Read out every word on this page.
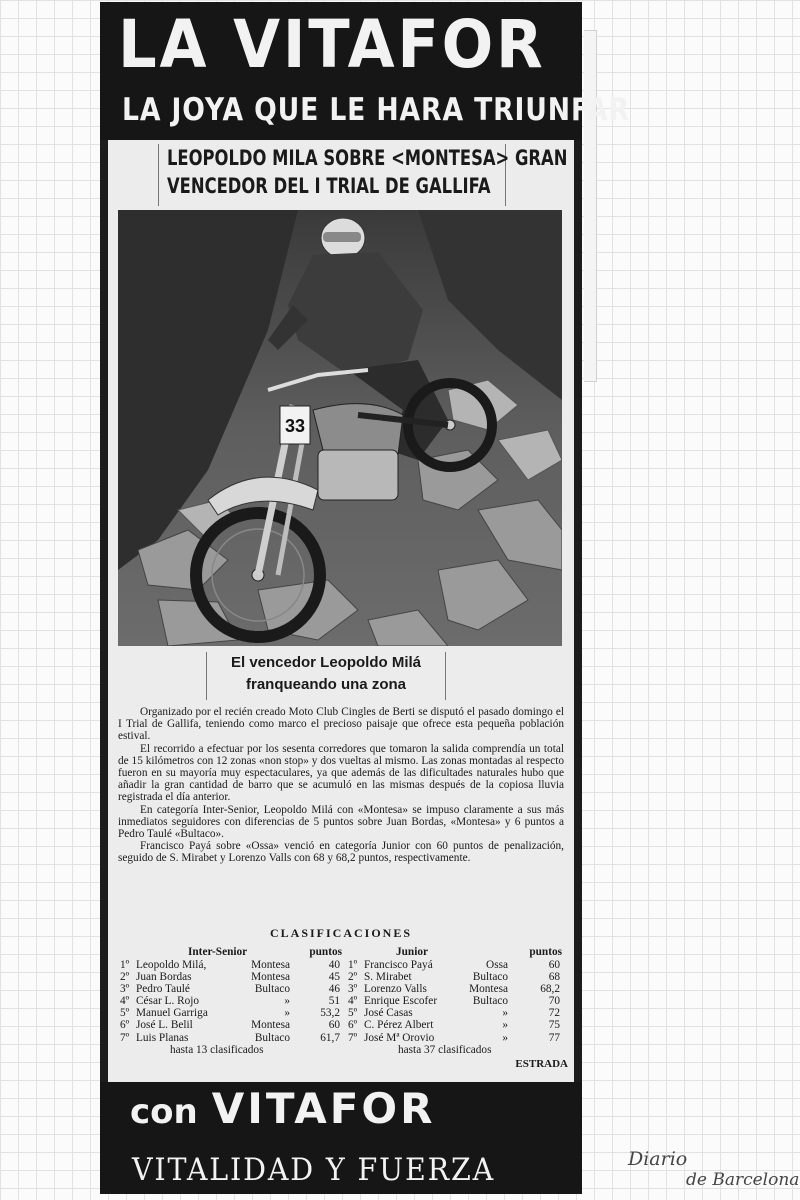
LA VITAFOR
LA JOYA QUE LE HARA TRIUNFAR
LEOPOLDO MILA SOBRE <MONTESA> GRAN
VENCEDOR DEL I TRIAL DE GALLIFA
33
El vencedor Leopoldo Milá
franqueando una zona

Organizado por el recién creado Moto Club Cingles de Berti se disputó el pasado domingo el I Trial de Gallifa, teniendo como marco el precioso paisaje que ofrece esta pequeña población estival.

El recorrido a efectuar por los sesenta corredores que tomaron la salida comprendía un total de 15 kilómetros con 12 zonas «non stop» y dos vueltas al mismo. Las zonas montadas al respecto fueron en su mayoría muy espectaculares, ya que además de las dificultades naturales hubo que añadir la gran cantidad de barro que se acumuló en las mismas después de la copiosa lluvia registrada el día anterior.

En categoría Inter-Senior, Leopoldo Milá con «Montesa» se impuso claramente a sus más inmediatos seguidores con diferencias de 5 puntos sobre Juan Bordas, «Montesa» y 6 puntos a Pedro Taulé «Bultaco».

Francisco Payá sobre «Ossa» venció en categoría Junior con 60 puntos de penalización, seguido de S. Mirabet y Lorenzo Valls con 68 y 68,2 puntos, respectivamente.

CLASIFICACIONES
Inter-Senior	puntos
1º Leopoldo Milá,	Montesa	40
2º Juan Bordas	Montesa	45
3º Pedro Taulé	Bultaco	46
4º César L. Rojo	»	51
5º Manuel Garriga	»	53,2
6º José L. Belil	Montesa	60
7º Luis Planas	Bultaco	61,7
hasta 13 clasificados
Junior	puntos
1º Francisco Payá	Ossa	60
2º S. Mirabet	Bultaco	68
3º Lorenzo Valls	Montesa	68,2
4º Enrique Escofer	Bultaco	70
5º José Casas	»	72
6º C. Pérez Albert	»	75
7º José Mª Orovio	»	77
hasta 37 clasificados
ESTRADA
con VITAFOR
VITALIDAD Y FUERZA	Diario
de Barcelona
